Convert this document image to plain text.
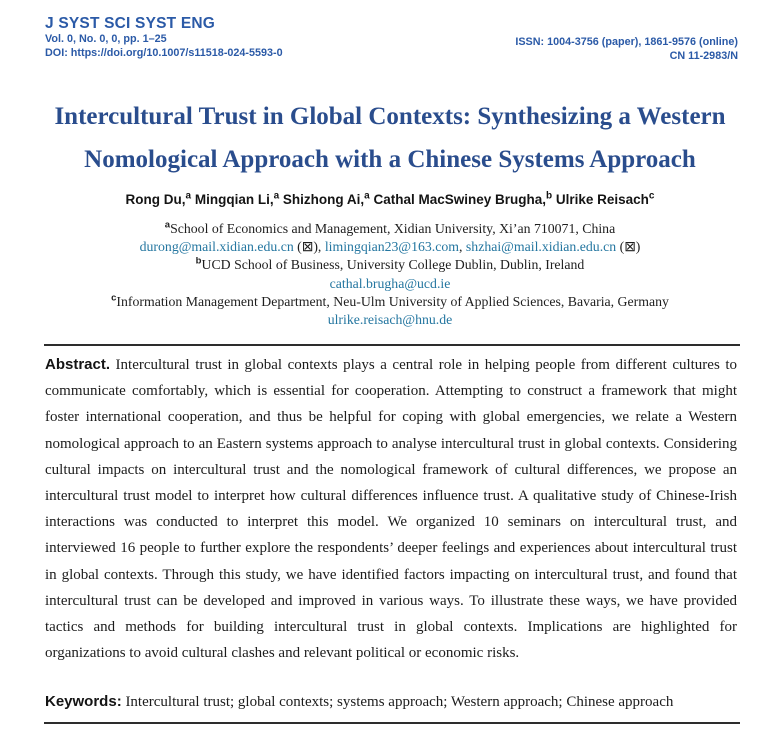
J SYST SCI SYST ENG
Vol. 0, No. 0, 0, pp. 1–25
DOI: https://doi.org/10.1007/s11518-024-5593-0
ISSN: 1004-3756 (paper), 1861-9576 (online)
CN 11-2983/N
Intercultural Trust in Global Contexts: Synthesizing a Western
Nomological Approach with a Chinese Systems Approach
Rong Du,$^a$ Mingqian Li,$^a$ Shizhong Ai,$^a$ Cathal MacSwiney Brugha,$^b$ Ulrike Reisach$^c$
$^a$School of Economics and Management, Xidian University, Xi’an 710071, China
durong@mail.xidian.edu.cn (⊠), limingqian23@163.com, shzhai@mail.xidian.edu.cn (⊠)
$^b$UCD School of Business, University College Dublin, Dublin, Ireland
cathal.brugha@ucd.ie
$^c$Information Management Department, Neu-Ulm University of Applied Sciences, Bavaria, Germany
ulrike.reisach@hnu.de

Abstract. Intercultural trust in global contexts plays a central role in helping people from different cultures to communicate comfortably, which is essential for cooperation. Attempting to construct a framework that might foster international cooperation, and thus be helpful for coping with global emergencies, we relate a Western nomological approach to an Eastern systems approach to analyse intercultural trust in global contexts. Considering cultural impacts on intercultural trust and the nomological framework of cultural differences, we propose an intercultural trust model to interpret how cultural differences influence trust. A qualitative study of Chinese-Irish interactions was conducted to interpret this model. We organized 10 seminars on intercultural trust, and interviewed 16 people to further explore the respondents’ deeper feelings and experiences about intercultural trust in global contexts. Through this study, we have identified factors impacting on intercultural trust, and found that intercultural trust can be developed and improved in various ways. To illustrate these ways, we have provided tactics and methods for building intercultural trust in global contexts. Implications are highlighted for organizations to avoid cultural clashes and relevant political or economic risks.

Keywords: Intercultural trust; global contexts; systems approach; Western approach; Chinese approach
